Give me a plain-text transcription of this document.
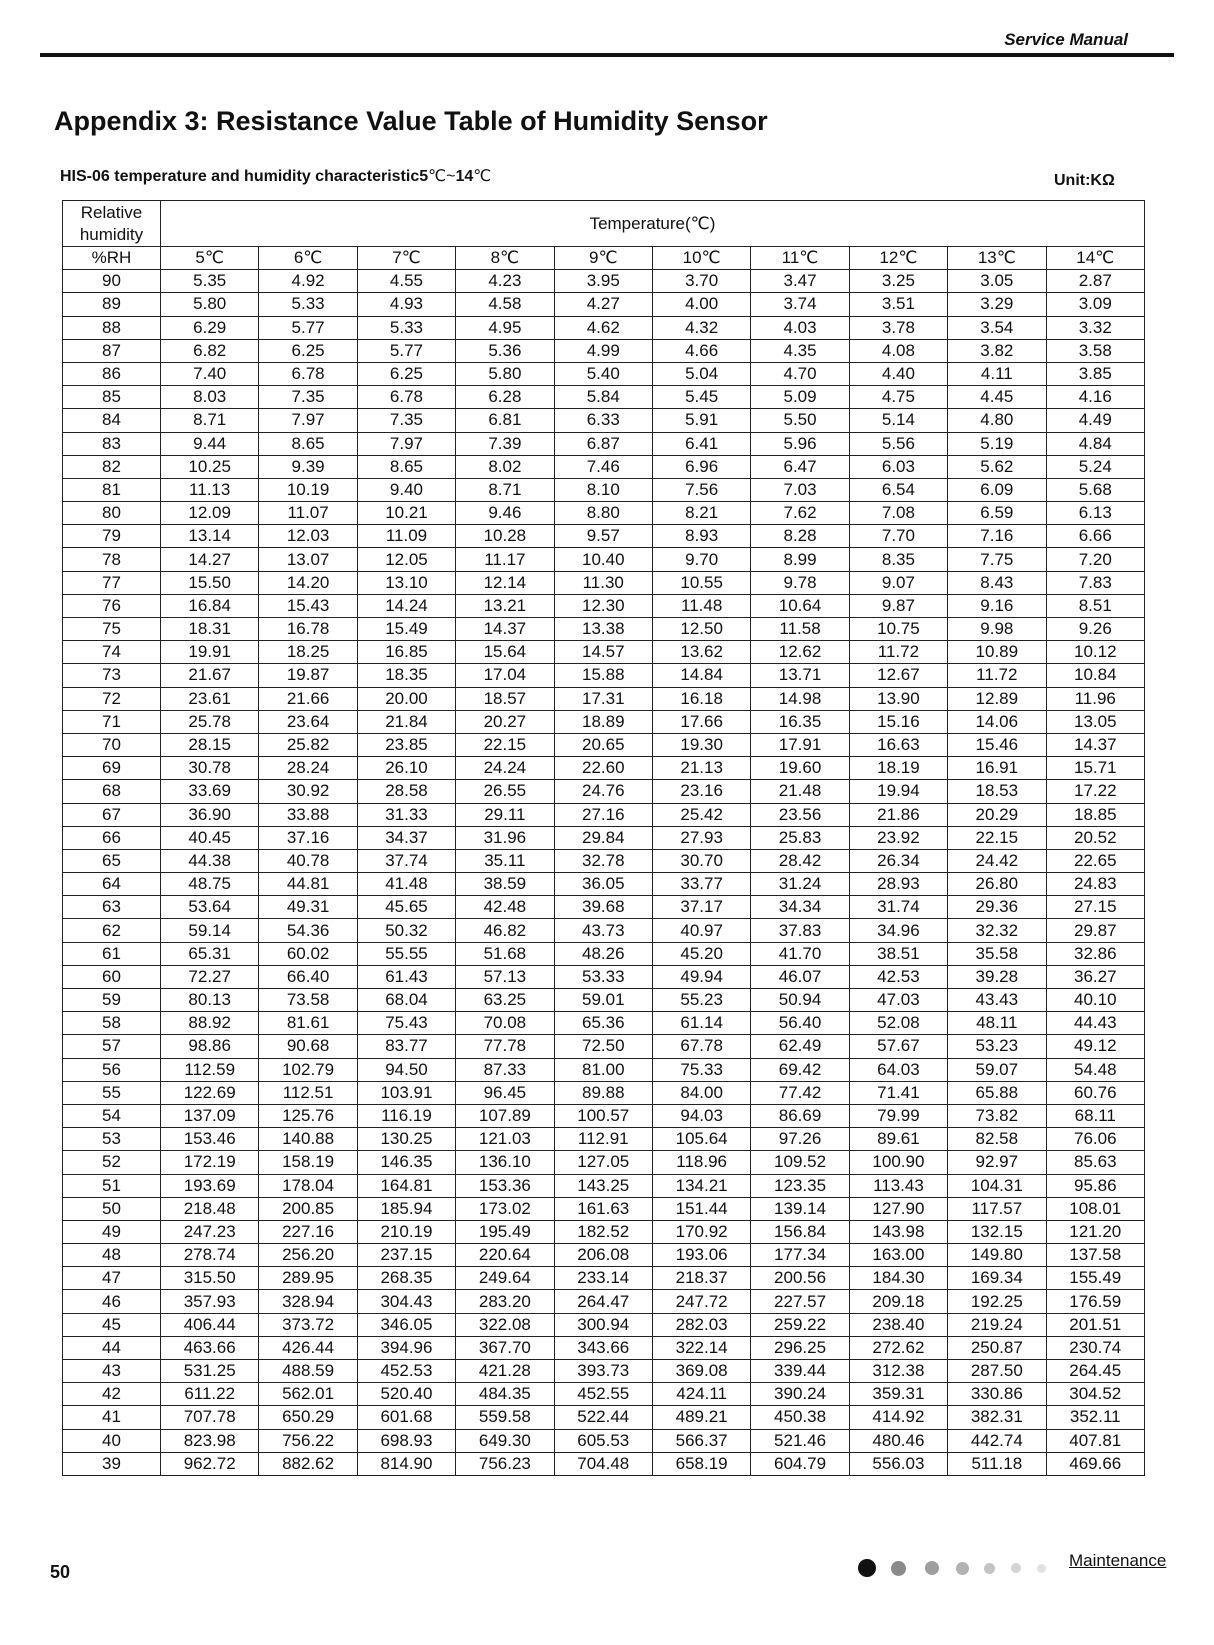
Service Manual
Appendix 3: Resistance Value Table of Humidity Sensor
HIS-06 temperature and humidity characteristic5℃~14℃	Unit:KΩ
Relative
humidity	Temperature(℃)									
%RH	5℃	6℃	7℃	8℃	9℃	10℃	11℃	12℃	13℃	14℃
90	5.35	4.92	4.55	4.23	3.95	3.70	3.47	3.25	3.05	2.87
89	5.80	5.33	4.93	4.58	4.27	4.00	3.74	3.51	3.29	3.09
88	6.29	5.77	5.33	4.95	4.62	4.32	4.03	3.78	3.54	3.32
87	6.82	6.25	5.77	5.36	4.99	4.66	4.35	4.08	3.82	3.58
86	7.40	6.78	6.25	5.80	5.40	5.04	4.70	4.40	4.11	3.85
85	8.03	7.35	6.78	6.28	5.84	5.45	5.09	4.75	4.45	4.16
84	8.71	7.97	7.35	6.81	6.33	5.91	5.50	5.14	4.80	4.49
83	9.44	8.65	7.97	7.39	6.87	6.41	5.96	5.56	5.19	4.84
82	10.25	9.39	8.65	8.02	7.46	6.96	6.47	6.03	5.62	5.24
81	11.13	10.19	9.40	8.71	8.10	7.56	7.03	6.54	6.09	5.68
80	12.09	11.07	10.21	9.46	8.80	8.21	7.62	7.08	6.59	6.13
79	13.14	12.03	11.09	10.28	9.57	8.93	8.28	7.70	7.16	6.66
78	14.27	13.07	12.05	11.17	10.40	9.70	8.99	8.35	7.75	7.20
77	15.50	14.20	13.10	12.14	11.30	10.55	9.78	9.07	8.43	7.83
76	16.84	15.43	14.24	13.21	12.30	11.48	10.64	9.87	9.16	8.51
75	18.31	16.78	15.49	14.37	13.38	12.50	11.58	10.75	9.98	9.26
74	19.91	18.25	16.85	15.64	14.57	13.62	12.62	11.72	10.89	10.12
73	21.67	19.87	18.35	17.04	15.88	14.84	13.71	12.67	11.72	10.84
72	23.61	21.66	20.00	18.57	17.31	16.18	14.98	13.90	12.89	11.96
71	25.78	23.64	21.84	20.27	18.89	17.66	16.35	15.16	14.06	13.05
70	28.15	25.82	23.85	22.15	20.65	19.30	17.91	16.63	15.46	14.37
69	30.78	28.24	26.10	24.24	22.60	21.13	19.60	18.19	16.91	15.71
68	33.69	30.92	28.58	26.55	24.76	23.16	21.48	19.94	18.53	17.22
67	36.90	33.88	31.33	29.11	27.16	25.42	23.56	21.86	20.29	18.85
66	40.45	37.16	34.37	31.96	29.84	27.93	25.83	23.92	22.15	20.52
65	44.38	40.78	37.74	35.11	32.78	30.70	28.42	26.34	24.42	22.65
64	48.75	44.81	41.48	38.59	36.05	33.77	31.24	28.93	26.80	24.83
63	53.64	49.31	45.65	42.48	39.68	37.17	34.34	31.74	29.36	27.15
62	59.14	54.36	50.32	46.82	43.73	40.97	37.83	34.96	32.32	29.87
61	65.31	60.02	55.55	51.68	48.26	45.20	41.70	38.51	35.58	32.86
60	72.27	66.40	61.43	57.13	53.33	49.94	46.07	42.53	39.28	36.27
59	80.13	73.58	68.04	63.25	59.01	55.23	50.94	47.03	43.43	40.10
58	88.92	81.61	75.43	70.08	65.36	61.14	56.40	52.08	48.11	44.43
57	98.86	90.68	83.77	77.78	72.50	67.78	62.49	57.67	53.23	49.12
56	112.59	102.79	94.50	87.33	81.00	75.33	69.42	64.03	59.07	54.48
55	122.69	112.51	103.91	96.45	89.88	84.00	77.42	71.41	65.88	60.76
54	137.09	125.76	116.19	107.89	100.57	94.03	86.69	79.99	73.82	68.11
53	153.46	140.88	130.25	121.03	112.91	105.64	97.26	89.61	82.58	76.06
52	172.19	158.19	146.35	136.10	127.05	118.96	109.52	100.90	92.97	85.63
51	193.69	178.04	164.81	153.36	143.25	134.21	123.35	113.43	104.31	95.86
50	218.48	200.85	185.94	173.02	161.63	151.44	139.14	127.90	117.57	108.01
49	247.23	227.16	210.19	195.49	182.52	170.92	156.84	143.98	132.15	121.20
48	278.74	256.20	237.15	220.64	206.08	193.06	177.34	163.00	149.80	137.58
47	315.50	289.95	268.35	249.64	233.14	218.37	200.56	184.30	169.34	155.49
46	357.93	328.94	304.43	283.20	264.47	247.72	227.57	209.18	192.25	176.59
45	406.44	373.72	346.05	322.08	300.94	282.03	259.22	238.40	219.24	201.51
44	463.66	426.44	394.96	367.70	343.66	322.14	296.25	272.62	250.87	230.74
43	531.25	488.59	452.53	421.28	393.73	369.08	339.44	312.38	287.50	264.45
42	611.22	562.01	520.40	484.35	452.55	424.11	390.24	359.31	330.86	304.52
41	707.78	650.29	601.68	559.58	522.44	489.21	450.38	414.92	382.31	352.11
40	823.98	756.22	698.93	649.30	605.53	566.37	521.46	480.46	442.74	407.81
39	962.72	882.62	814.90	756.23	704.48	658.19	604.79	556.03	511.18	469.66
50
Maintenance
